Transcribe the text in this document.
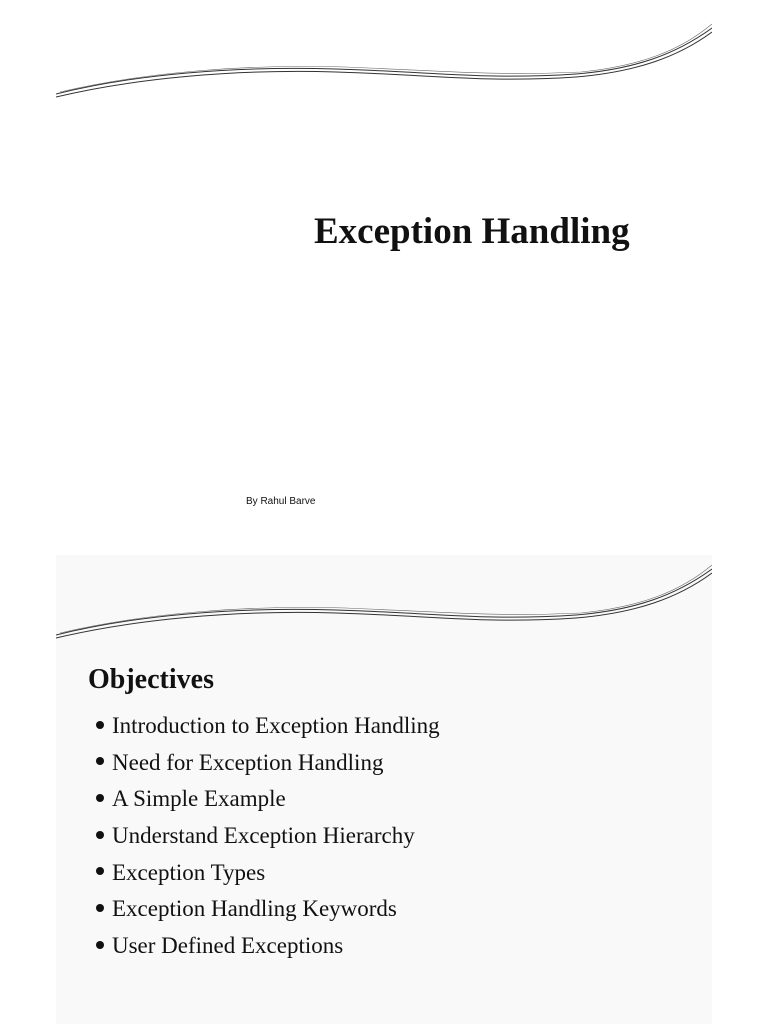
Exception Handling
By Rahul Barve
Objectives
Introduction to Exception Handling
Need for Exception Handling
A Simple Example
Understand Exception Hierarchy
Exception Types
Exception Handling Keywords
User Defined Exceptions
